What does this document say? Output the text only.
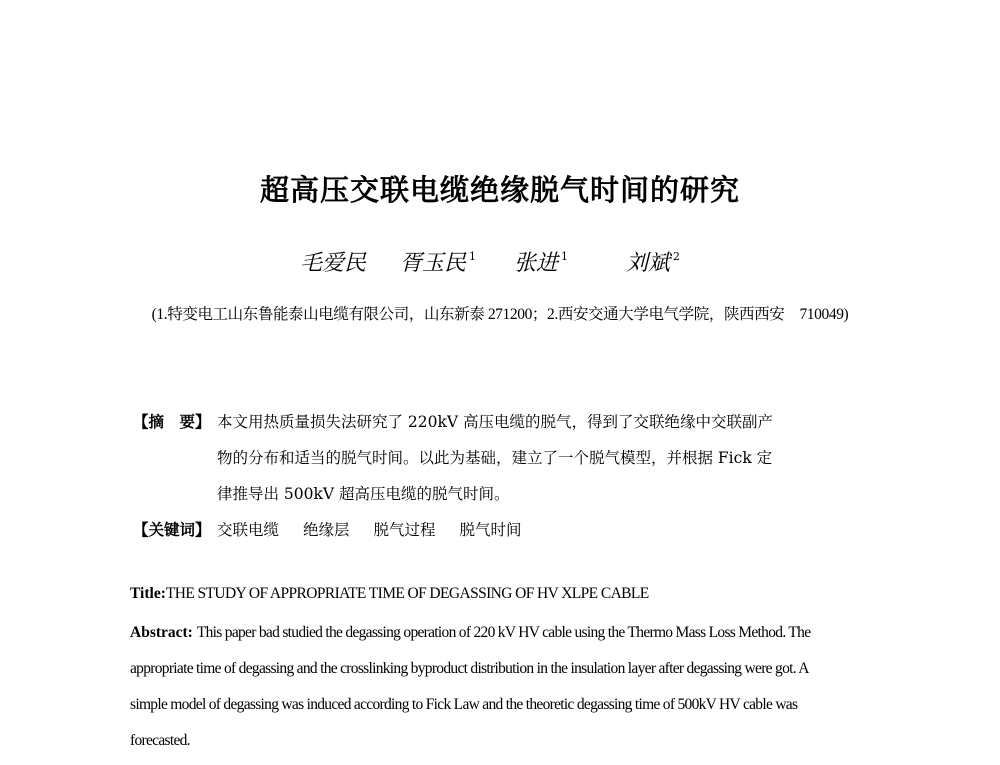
超高压交联电缆绝缘脱气时间的研究
毛爱民 胥玉民 $^1$ 张进 $^1$	刘斌 $^2$
(1.特变电工山东鲁能泰山电缆有限公司，山东新泰 271200；2.西安交通大学电气学院，陕西西安　710049)
【摘　要】 本文用热质量损失法研究了 220kV 高压电缆的脱气，得到了交联绝缘中交联副产
物的分布和适当的脱气时间。以此为基础，建立了一个脱气模型，并根据 Fick 定
律推导出 500kV 超高压电缆的脱气时间。
【关键词】 交联电缆 绝缘层 脱气过程 脱气时间
Title:THE STUDY OF APPROPRIATE TIME OF DEGASSING OF HV XLPE CABLE
Abstract: This paper bad studied the degassing operation of 220 kV HV cable using the Thermo Mass Loss Method. The
appropriate time of degassing and the crosslinking byproduct distribution in the insulation layer after degassing were got. A
simple model of degassing was induced according to Fick Law and the theoretic degassing time of 500kV HV cable was
forecasted.
